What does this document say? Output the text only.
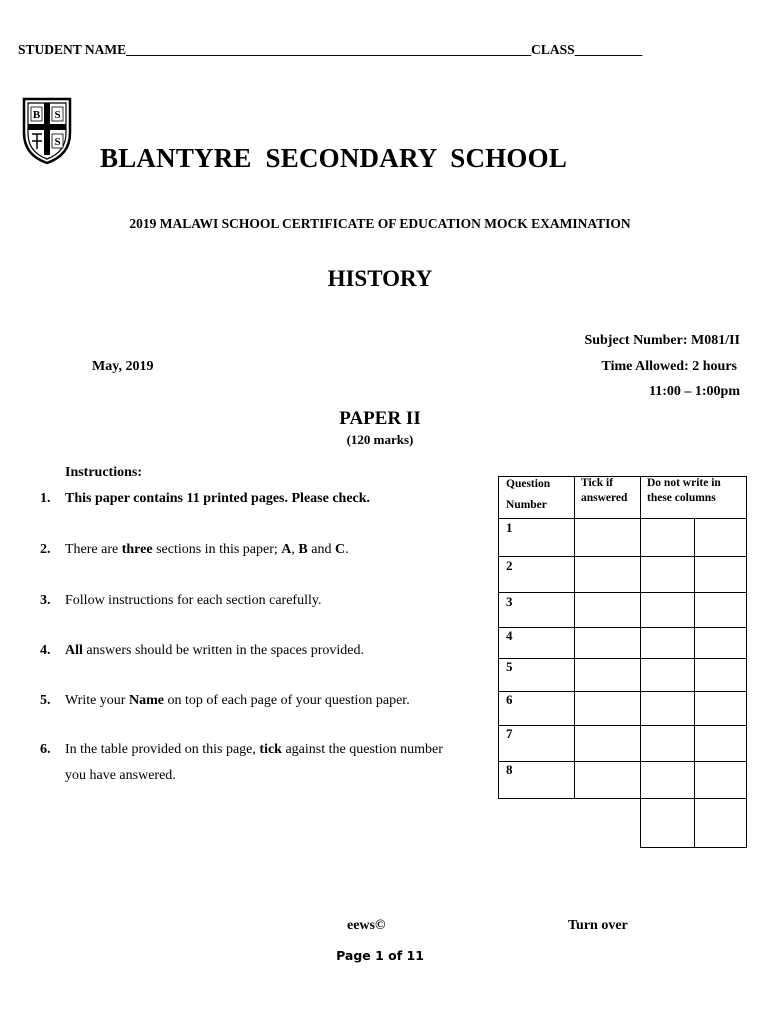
STUDENT NAME____________________________________________________________CLASS__________
B S
S
BLANTYRE  SECONDARY  SCHOOL
2019 MALAWI SCHOOL CERTIFICATE OF EDUCATION MOCK EXAMINATION
HISTORY
Subject Number: M081/II
May, 2019	Time Allowed: 2 hours
11:00 – 1:00pm
PAPER II
(120 marks)
Instructions:
1. This paper contains 11 printed pages. Please check.
2. There are three sections in this paper; A, B and C.
3. Follow instructions for each section carefully.
4. All answers should be written in the spaces provided.
5. Write your Name on top of each page of your question paper.
6. In the table provided on this page, tick against the question number you have answered.
Question
Number
Tick if
answered
Do not write in
these columns
1
2
3
4
5
6
7
8
eews©	Turn over
Page 1 of 11
